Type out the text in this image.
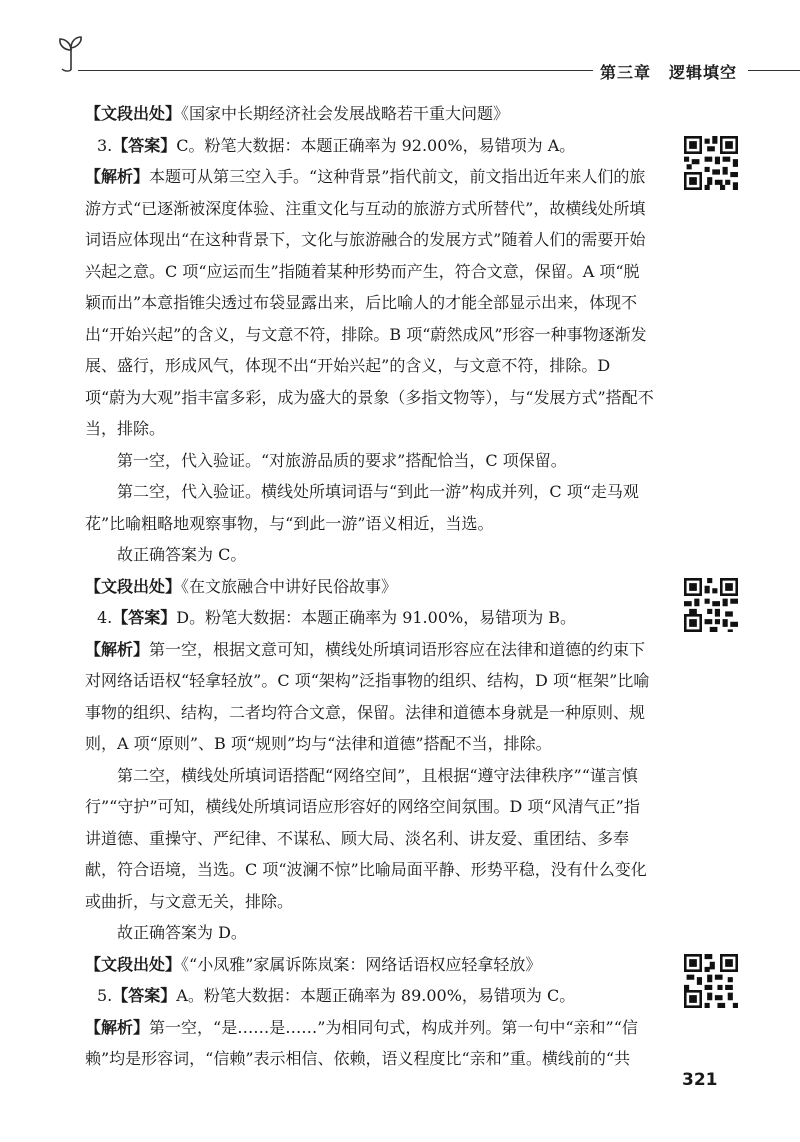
第三章 逻辑填空

【文段出处】《国家中长期经济社会发展战略若干重大问题》

3.【答案】C。粉笔大数据：本题正确率为 92.00%，易错项为 A。

【解析】本题可从第三空入手。“这种背景”指代前文，前文指出近年来人们的旅游方式“已逐渐被深度体验、注重文化与互动的旅游方式所替代”，故横线处所填词语应体现出“在这种背景下，文化与旅游融合的发展方式”随着人们的需要开始兴起之意。C 项“应运而生”指随着某种形势而产生，符合文意，保留。A 项“脱颖而出”本意指锥尖透过布袋显露出来，后比喻人的才能全部显示出来，体现不出“开始兴起”的含义，与文意不符，排除。B 项“蔚然成风”形容一种事物逐渐发展、盛行，形成风气，体现不出“开始兴起”的含义，与文意不符，排除。D 项“蔚为大观”指丰富多彩，成为盛大的景象（多指文物等），与“发展方式”搭配不当，排除。

第一空，代入验证。“对旅游品质的要求”搭配恰当，C 项保留。

第二空，代入验证。横线处所填词语与“到此一游”构成并列，C 项“走马观花”比喻粗略地观察事物，与“到此一游”语义相近，当选。

故正确答案为 C。

【文段出处】《在文旅融合中讲好民俗故事》

4.【答案】D。粉笔大数据：本题正确率为 91.00%，易错项为 B。

【解析】第一空，根据文意可知，横线处所填词语形容应在法律和道德的约束下对网络话语权“轻拿轻放”。C 项“架构”泛指事物的组织、结构，D 项“框架”比喻事物的组织、结构，二者均符合文意，保留。法律和道德本身就是一种原则、规则，A 项“原则”、B 项“规则”均与“法律和道德”搭配不当，排除。

第二空，横线处所填词语搭配“网络空间”，且根据“遵守法律秩序”“谨言慎行”“守护”可知，横线处所填词语应形容好的网络空间氛围。D 项“风清气正”指讲道德、重操守、严纪律、不谋私、顾大局、淡名利、讲友爱、重团结、多奉献，符合语境，当选。C 项“波澜不惊”比喻局面平静、形势平稳，没有什么变化或曲折，与文意无关，排除。

故正确答案为 D。

【文段出处】《“小凤雅”家属诉陈岚案：网络话语权应轻拿轻放》

5.【答案】A。粉笔大数据：本题正确率为 89.00%，易错项为 C。

【解析】第一空，“是……是……”为相同句式，构成并列。第一句中“亲和”“信赖”均是形容词，“信赖”表示相信、依赖，语义程度比“亲和”重。横线前的“共

321
